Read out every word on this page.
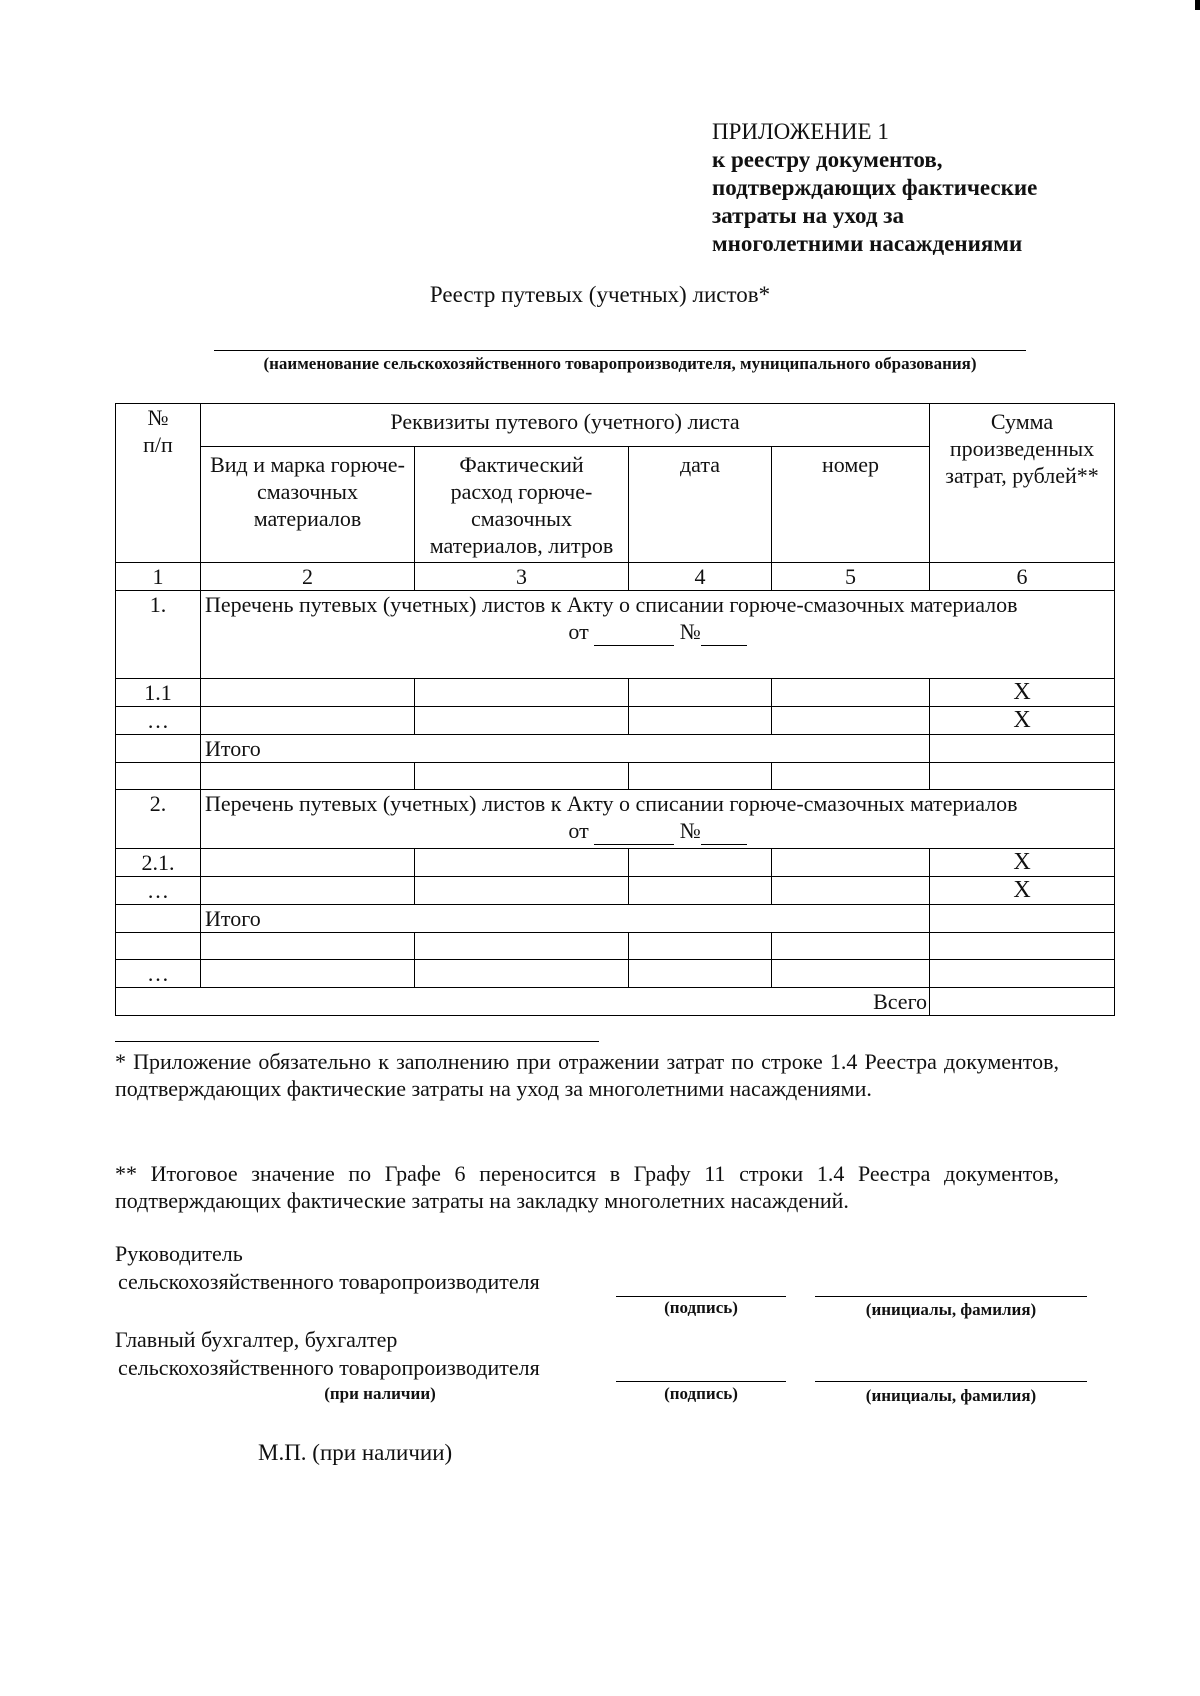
ПРИЛОЖЕНИЕ 1
к реестру документов,
подтверждающих фактические
затраты на уход за
многолетними насаждениями
Реестр путевых (учетных) листов*
(наименование сельскохозяйственного товаропроизводителя, муниципального образования)
№ п/п	Реквизиты путевого (учетного) листа				Сумма произведенных затрат, рублей**
	Вид и марка горюче-смазочных материалов	Фактический расход горюче-смазочных материалов, литров	дата	номер	
1	2	3	4	5	6
1.	Перечень путевых (учетных) листов к Акту о списании горюче-смазочных материалов
от №				

1.1					X
…					X
	Итого				

2.	Перечень путевых (учетных) листов к Акту о списании горюче-смазочных материалов
от №				

2.1.					X
…					X
	Итого				

…					
Всего					
* Приложение обязательно к заполнению при отражении затрат по строке 1.4 Реестра документов, подтверждающих фактические затраты на уход за многолетними насаждениями.
** Итоговое значение по Графе 6 переносится в Графу 11 строки 1.4 Реестра документов, подтверждающих фактические затраты на закладку многолетних насаждений.
Руководитель
сельскохозяйственного товаропроизводителя
(подпись)	(инициалы, фамилия)
Главный бухгалтер, бухгалтер
сельскохозяйственного товаропроизводителя
(при наличии)	(подпись)	(инициалы, фамилия)
М.П. (при наличии)
